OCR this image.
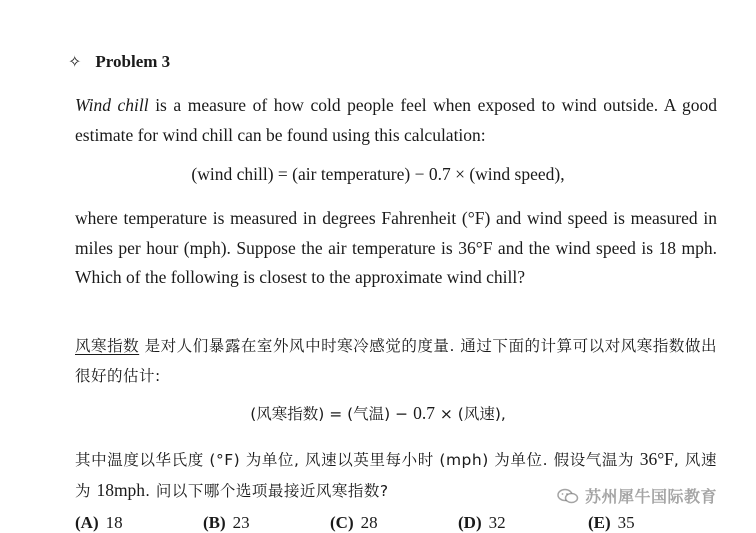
✧ Problem 3
Wind chill is a measure of how cold people feel when exposed to wind outside. A good estimate for wind chill can be found using this calculation:
(wind chill) = (air temperature) − 0.7 × (wind speed),
where temperature is measured in degrees Fahrenheit (°F) and wind speed is measured in miles per hour (mph). Suppose the air temperature is 36°F and the wind speed is 18 mph. Which of the following is closest to the approximate wind chill?
风寒指数 是对人们暴露在室外风中时寒冷感觉的度量. 通过下面的计算可以对风寒指数做出很好的估计:
(风寒指数) = (气温) − 0.7 × (风速),
其中温度以华氏度 (°F) 为单位, 风速以英里每小时 (mph) 为单位. 假设气温为 36°F, 风速为 18mph. 问以下哪个选项最接近风寒指数?
(A) 18	(B) 23	(C) 28	(D) 32	(E) 35
苏州犀牛国际教育
